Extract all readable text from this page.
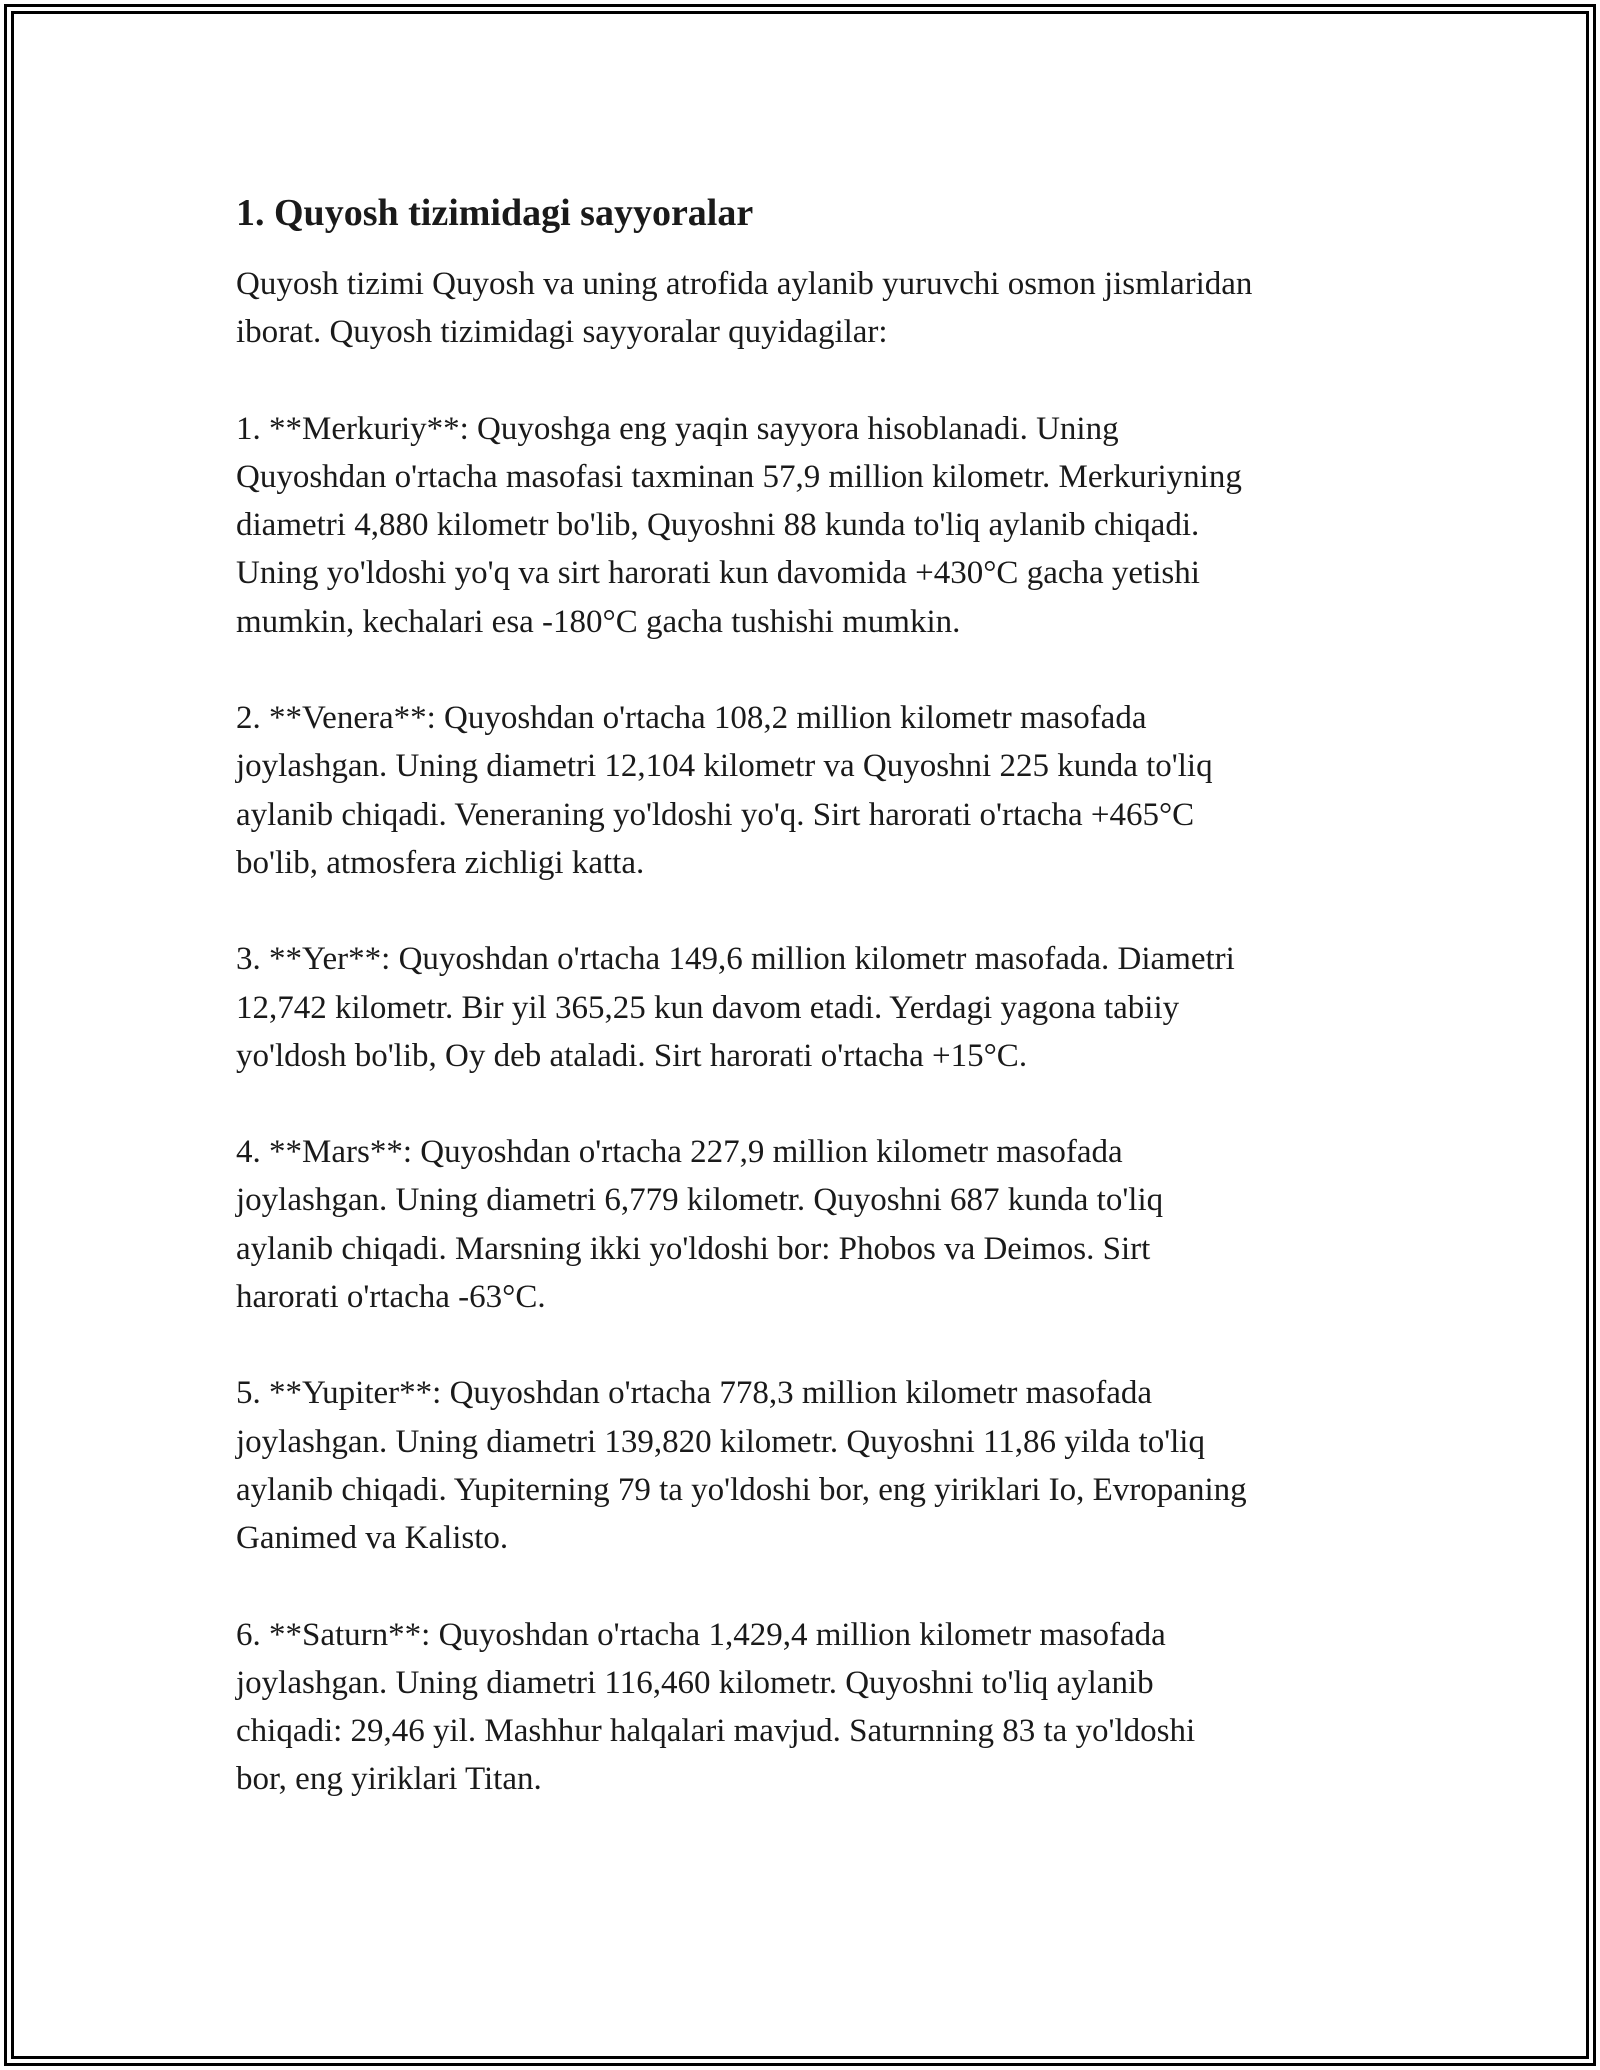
1. Quyosh tizimidagi sayyoralar

Quyosh tizimi Quyosh va uning atrofida aylanib yuruvchi osmon jismlaridan
iborat. Quyosh tizimidagi sayyoralar quyidagilar:

1. **Merkuriy**: Quyoshga eng yaqin sayyora hisoblanadi. Uning
Quyoshdan o'rtacha masofasi taxminan 57,9 million kilometr. Merkuriyning
diametri 4,880 kilometr bo'lib, Quyoshni 88 kunda to'liq aylanib chiqadi.
Uning yo'ldoshi yo'q va sirt harorati kun davomida +430°C gacha yetishi
mumkin, kechalari esa -180°C gacha tushishi mumkin.

2. **Venera**: Quyoshdan o'rtacha 108,2 million kilometr masofada
joylashgan. Uning diametri 12,104 kilometr va Quyoshni 225 kunda to'liq
aylanib chiqadi. Veneraning yo'ldoshi yo'q. Sirt harorati o'rtacha +465°C
bo'lib, atmosfera zichligi katta.

3. **Yer**: Quyoshdan o'rtacha 149,6 million kilometr masofada. Diametri
12,742 kilometr. Bir yil 365,25 kun davom etadi. Yerdagi yagona tabiiy
yo'ldosh bo'lib, Oy deb ataladi. Sirt harorati o'rtacha +15°C.

4. **Mars**: Quyoshdan o'rtacha 227,9 million kilometr masofada
joylashgan. Uning diametri 6,779 kilometr. Quyoshni 687 kunda to'liq
aylanib chiqadi. Marsning ikki yo'ldoshi bor: Phobos va Deimos. Sirt
harorati o'rtacha -63°C.

5. **Yupiter**: Quyoshdan o'rtacha 778,3 million kilometr masofada
joylashgan. Uning diametri 139,820 kilometr. Quyoshni 11,86 yilda to'liq
aylanib chiqadi. Yupiterning 79 ta yo'ldoshi bor, eng yiriklari Io, Evropaning
Ganimed va Kalisto.

6. **Saturn**: Quyoshdan o'rtacha 1,429,4 million kilometr masofada
joylashgan. Uning diametri 116,460 kilometr. Quyoshni to'liq aylanib
chiqadi: 29,46 yil. Mashhur halqalari mavjud. Saturnning 83 ta yo'ldoshi
bor, eng yiriklari Titan.
